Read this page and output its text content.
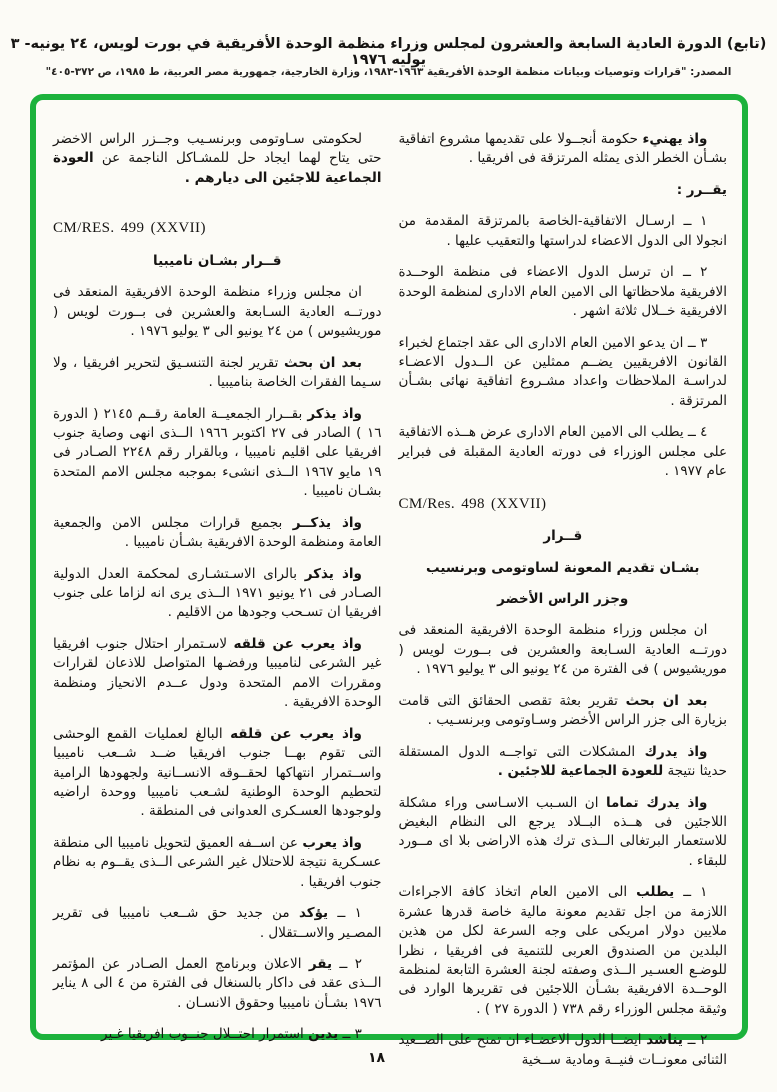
(تابع) الدورة العادية السابعة والعشرون لمجلس وزراء منظمة الوحدة الأفريقية في بورت لويس، ٢٤ يونيه- ٣ يوليه ١٩٧٦
المصدر: "قرارات وتوصيات وبيانات منظمة الوحدة الأفريقية ١٩٦٣-١٩٨٣، وزارة الخارجية، جمهورية مصر العربية، ط ١٩٨٥، ص ٣٧٢-٤٠٥"

واذ يهنيء حكومة أنجــولا على تقديمها مشروع اتفاقية بشـأن الخطر الذى يمثله المرتزقة فى افريقيا .

يقــرر :

١ ــ ارسـال الاتفاقية-الخاصة بالمرتزقة المقدمة من انجولا الى الدول الاعضاء لدراستها والتعقيب عليها .

٢ ــ ان ترسل الدول الاعضاء فى منظمة الوحــدة الافريقية ملاحظاتها الى الامين العام الادارى لمنظمة الوحدة الافريقية خــلال ثلاثة اشهر .

٣ ــ ان يدعو الامين العام الادارى الى عقد اجتماع لخبراء القانون الافريقيين يضــم ممثلين عن الــدول الاعضـاء لدراسـة الملاحظات واعداد مشـروع اتفاقية نهائى بشـأن المرتزقة .

٤ ــ يطلب الى الامين العام الادارى عرض هــذه الاتفاقية على مجلس الوزراء فى دورته العادية المقبلة فى فبراير عام ١٩٧٧ .

CM/Res. 498 (XXVII)

قــرار

بشـان تقديم المعونة لساوتومى وبرنسيب

وجزر الراس الأخضر

ان مجلس وزراء منظمة الوحدة الافريقية المنعقد فى دورتــه العادية السـابعة والعشرين فى بــورت لويس ( موريشيوس ) فى الفترة من ٢٤ يونيو الى ٣ يوليو ١٩٧٦ .

بعد ان بحث تقرير بعثة تقصى الحقائق التى قامت بزيارة الى جزر الراس الأخضر وسـاوتومى وبرنسـيب .

واذ يدرك المشكلات التى تواجــه الدول المستقلة حديثا نتيجة للعودة الجماعية للاجئين .

واذ يدرك تماما ان السـبب الاسـاسى وراء مشكلة اللاجئين فى هــذه البــلاد يرجع الى النظام البغيض للاستعمار البرتغالى الــذى ترك هذه الاراضى بلا اى مــورد للبقاء .

١ ــ يطلب الى الامين العام اتخاذ كافة الاجراءات اللازمة من اجل تقديم معونة مالية خاصة قدرها عشرة ملايين دولار امريكى على وجه السرعة لكل من هذين البلدين من الصندوق العربى للتنمية فى افريقيا ، نظرا للوضـع العسـير الــذى وصفته لجنة العشرة التابعة لمنظمة الوحــدة الافريقية بشـأن اللاجئين فى تقريرها الوارد فى وثيقة مجلس الوزراء رقم ٧٣٨ ( الدورة ٢٧ ) .

٢ ــ يناشد ايضــا الدول الاعضـاء ان تمنح على الصــعيد الثنائى معونــات فنيــة ومادية ســخية

لحكومتى سـاوتومى وبرنسـيب وجــزر الراس الاخضر حتى يتاح لهما ايجاد حل للمشـاكل الناجمة عن العودة الجماعية للاجئين الى ديارهم .

CM/RES. 499 (XXVII)

قــرار بشـان ناميبيا

ان مجلس وزراء منظمة الوحدة الافريقية المنعقد فى دورتــه العادية السـابعة والعشرين فى بــورت لويس ( موريشيوس ) من ٢٤ يونيو الى ٣ يوليو ١٩٧٦ .

بعد ان بحث تقرير لجنة التنسـيق لتحرير افريقيا ، ولا سـيما الفقرات الخاصة بناميبيا .

واذ يذكر بقــرار الجمعيــة العامة رقــم ٢١٤٥ ( الدورة ١٦ ) الصادر فى ٢٧ اكتوبر ١٩٦٦ الــذى انهى وصاية جنوب افريقيا على اقليم ناميبيا ، وبالقرار رقم ٢٢٤٨ الصـادر فى ١٩ مايو ١٩٦٧ الــذى انشىء بموجبه مجلس الامم المتحدة بشـان ناميبيا .

واذ يذكــر بجميع قرارات مجلس الامن والجمعية العامة ومنظمة الوحدة الافريقية بشـأن ناميبيا .

واذ يذكر بالراى الاسـتشـارى لمحكمة العدل الدولية الصـادر فى ٢١ يونيو ١٩٧١ الــذى يرى انه لزاما على جنوب افريقيا ان تسـحب وجودها من الاقليم .

واذ يعرب عن قلقه لاسـتمرار احتلال جنوب افريقيا غير الشرعى لناميبيا ورفضـها المتواصل للاذعان لقرارات ومقررات الامم المتحدة ودول عــدم الانحياز ومنظمة الوحدة الافريقية .

واذ يعرب عن قلقه البالغ لعمليات القمع الوحشى التى تقوم بهــا جنوب افريقيا ضــد شــعب ناميبيا واســتمرار انتهاكها لحقــوقه الانســانية ولجهودها الرامية لتحطيم الوحدة الوطنية لشـعب ناميبيا ووحدة اراضيه ولوجودها العسـكرى العدوانى فى المنطقة .

واذ يعرب عن اســفه العميق لتحويل ناميبيا الى منطقة عسـكرية نتيجة للاحتلال غير الشرعى الــذى يقــوم به نظام جنوب افريقيا .

١ ــ يؤكد من جديد حق شــعب ناميبيا فى تقرير المصـير والاســتقلال .

٢ ــ يقر الاعلان وبرنامج العمل الصـادر عن المؤتمر الــذى عقد فى داكار بالسنغال فى الفترة من ٤ الى ٨ يناير ١٩٧٦ بشـأن ناميبيا وحقوق الانسـان .

٣ ــ يدين استمرار احتــلال جنــوب افريقيا غـير

١٨
